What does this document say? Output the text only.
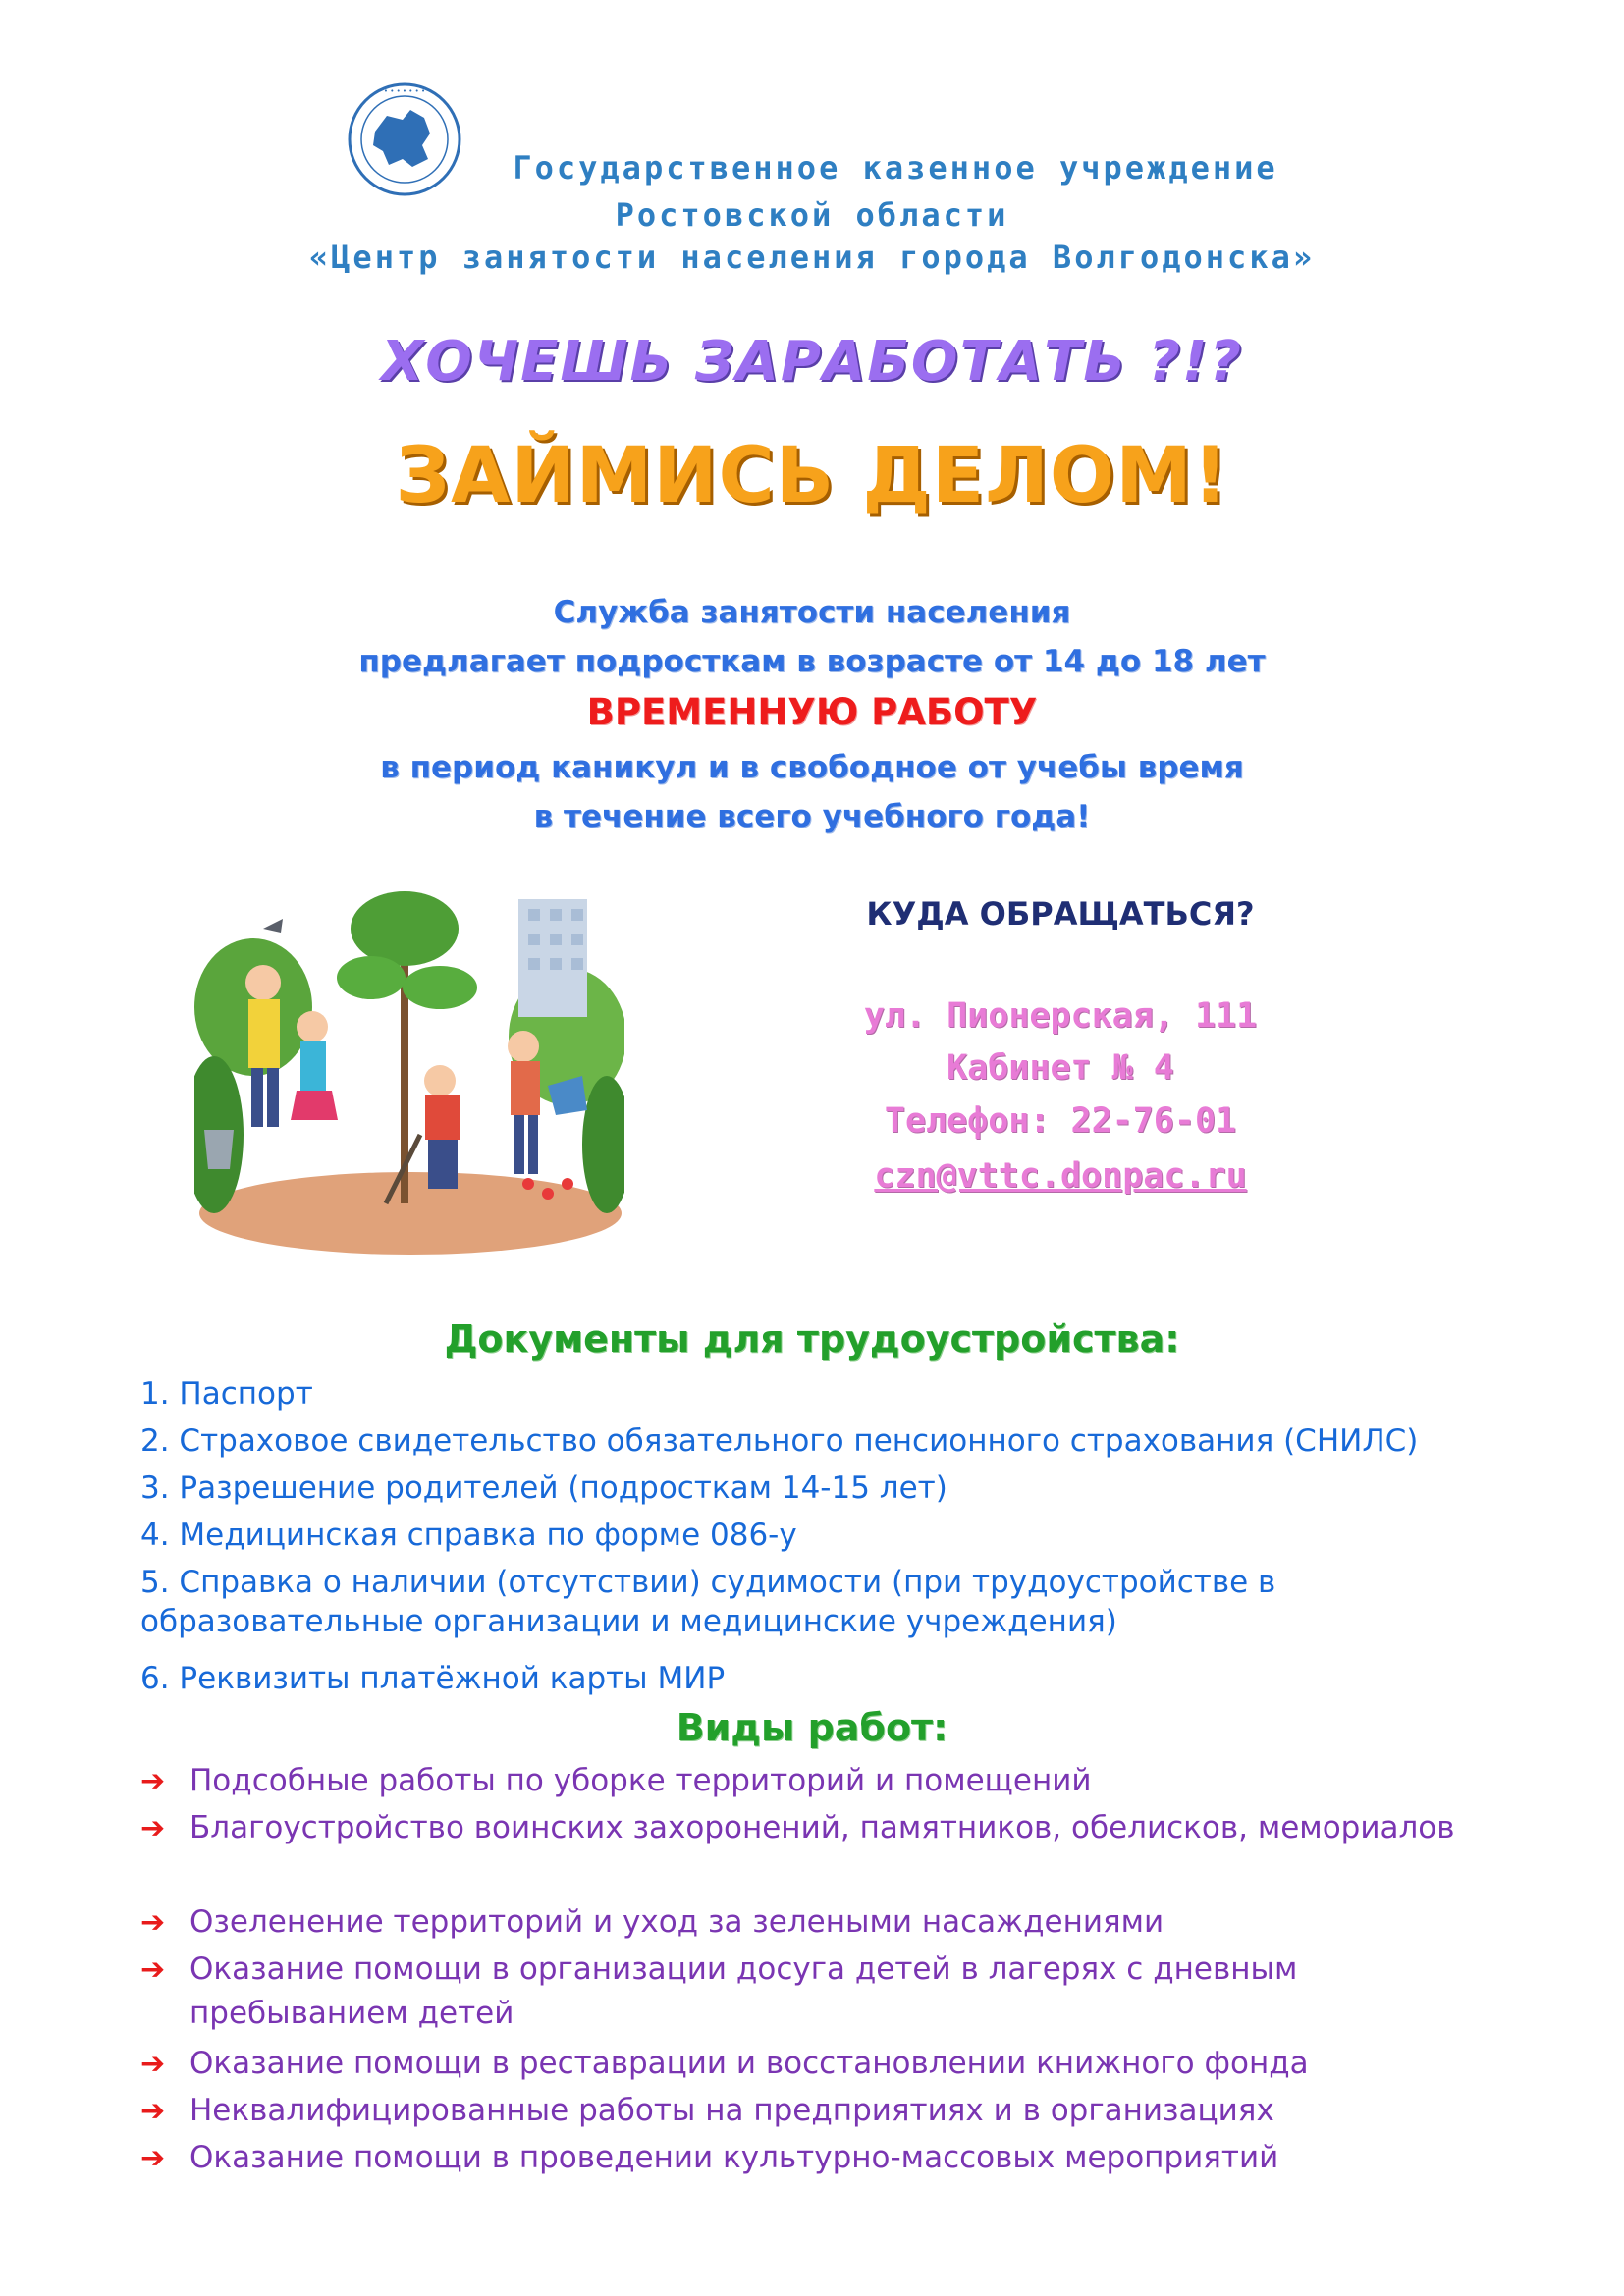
• • • • • • • • •
Государственное казенное учреждение
Ростовской области
«Центр занятости населения города Волгодонска»
ХОЧЕШЬ ЗАРАБОТАТЬ ?!?
ЗАЙМИСЬ ДЕЛОМ!
Служба занятости населения
предлагает подросткам в возрасте от 14 до 18 лет
ВРЕМЕННУЮ РАБОТУ
в период каникул и в свободное от учебы время
в течение всего учебного года!
КУДА ОБРАЩАТЬСЯ?
ул. Пионерская, 111
Кабинет № 4
Телефон: 22-76-01
czn@vttc.donpac.ru
Документы для трудоустройства:
1. Паспорт
2. Страховое свидетельство обязательного пенсионного страхования (СНИЛС)
3. Разрешение родителей (подросткам 14-15 лет)
4. Медицинская справка по форме 086-у
5. Справка о наличии (отсутствии) судимости (при трудоустройстве в образовательные организации и медицинские учреждения)
6. Реквизиты платёжной карты МИР
Виды работ:
➔ Подсобные работы по уборке территорий и помещений
➔ Благоустройство воинских захоронений, памятников, обелисков, мемориалов
➔ Озеленение территорий и уход за зелеными насаждениями
➔ Оказание помощи в организации досуга детей в лагерях с дневным пребыванием детей
➔ Оказание помощи в реставрации и восстановлении книжного фонда
➔ Неквалифицированные работы на предприятиях и в организациях
➔ Оказание помощи в проведении культурно-массовых мероприятий
